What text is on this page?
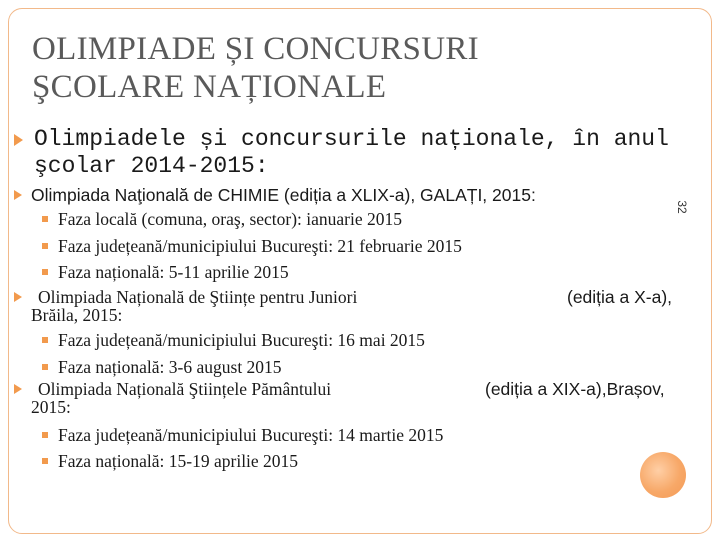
OLIMPIADE ȘI CONCURSURI
ŞCOLARE NAȚIONALE
Olimpiadele și concursurile naționale, în anul
şcolar 2014-2015:
32
Olimpiada Naţională de CHIMIE (ediția a XLIX-a), GALAȚI, 2015:
Faza locală (comuna, oraş, sector): ianuarie 2015
Faza județeană/municipiului Bucureşti: 21 februarie 2015
Faza națională: 5-11 aprilie 2015
Olimpiada Națională de Ştiințe pentru Juniori	(ediția a X-a),
Brăila, 2015:
Faza județeană/municipiului Bucureşti: 16 mai 2015
Faza națională: 3-6 august 2015
Olimpiada Națională Ştiințele Pământului	(ediția a XIX-a),Brașov,
2015:
Faza județeană/municipiului Bucureşti: 14 martie 2015
Faza națională: 15-19 aprilie 2015
